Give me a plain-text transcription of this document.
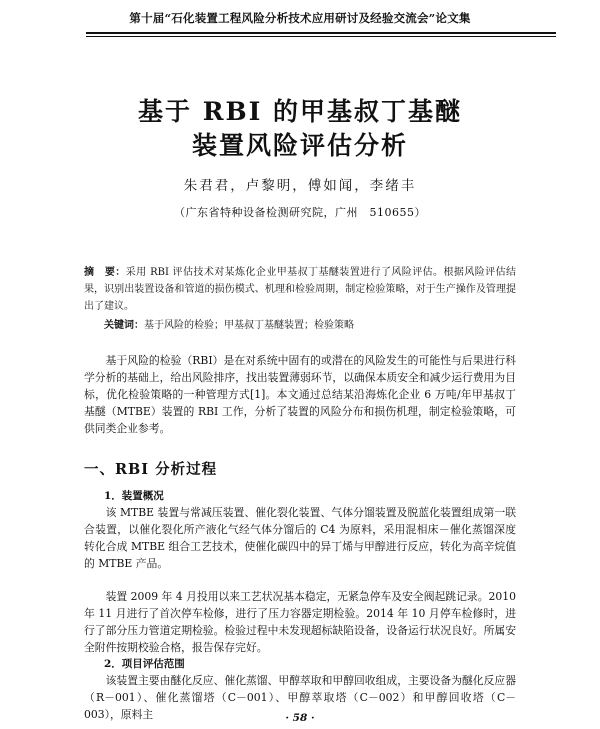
第十届“石化装置工程风险分析技术应用研讨及经验交流会”论文集
基于 RBI 的甲基叔丁基醚
装置风险评估分析
朱君君，卢黎明，傅如闻，李绪丰
（广东省特种设备检测研究院，广州　510655）
摘　要：采用 RBI 评估技术对某炼化企业甲基叔丁基醚装置进行了风险评估。根据风险评估结果，识别出装置设备和管道的损伤模式、机理和检验周期，制定检验策略，对于生产操作及管理提出了建议。
关键词：基于风险的检验；甲基叔丁基醚装置；检验策略
基于风险的检验（RBI）是在对系统中固有的或潜在的风险发生的可能性与后果进行科学分析的基础上，给出风险排序，找出装置薄弱环节，以确保本质安全和减少运行费用为目标，优化检验策略的一种管理方式[1]。本文通过总结某沿海炼化企业 6 万吨/年甲基叔丁基醚（MTBE）装置的 RBI 工作，分析了装置的风险分布和损伤机理，制定检验策略，可供同类企业参考。
一、RBI 分析过程
1．装置概况
该 MTBE 装置与常减压装置、催化裂化装置、气体分馏装置及脱蓝化装置组成第一联合装置，以催化裂化所产液化气经气体分馏后的 C4 为原料，采用混相床－催化蒸馏深度转化合成 MTBE 组合工艺技术，使催化碳四中的异丁烯与甲醇进行反应，转化为高辛烷值的 MTBE 产品。
装置 2009 年 4 月投用以来工艺状况基本稳定，无紧急停车及安全阀起跳记录。2010 年 11 月进行了首次停车检修，进行了压力容器定期检验。2014 年 10 月停车检修时，进行了部分压力管道定期检验。检验过程中未发现超标缺陷设备，设备运行状况良好。所属安全附件按期校验合格，报告保存完好。
2．项目评估范围
该装置主要由醚化反应、催化蒸馏、甲醇萃取和甲醇回收组成，主要设备为醚化反应器（R－001）、催化蒸馏塔（C－001）、甲醇萃取塔（C－002）和甲醇回收塔（C－003），原料主	· 58 ·
